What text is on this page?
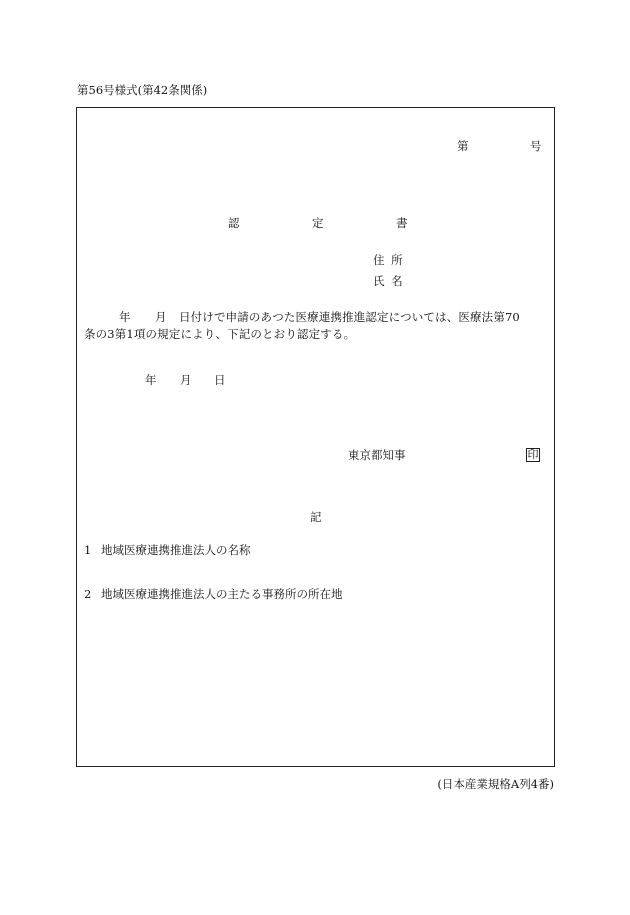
第56号様式(第42条関係)
第	号
認	定	書
住 所
氏 名
年 月 日付けで申請のあつた医療連携推進認定については、医療法第70
条の3第1項の規定により、下記のとおり認定する。
年 月 日
東京都知事	印
記
1 地域医療連携推進法人の名称
2 地域医療連携推進法人の主たる事務所の所在地
(日本産業規格A列4番)
